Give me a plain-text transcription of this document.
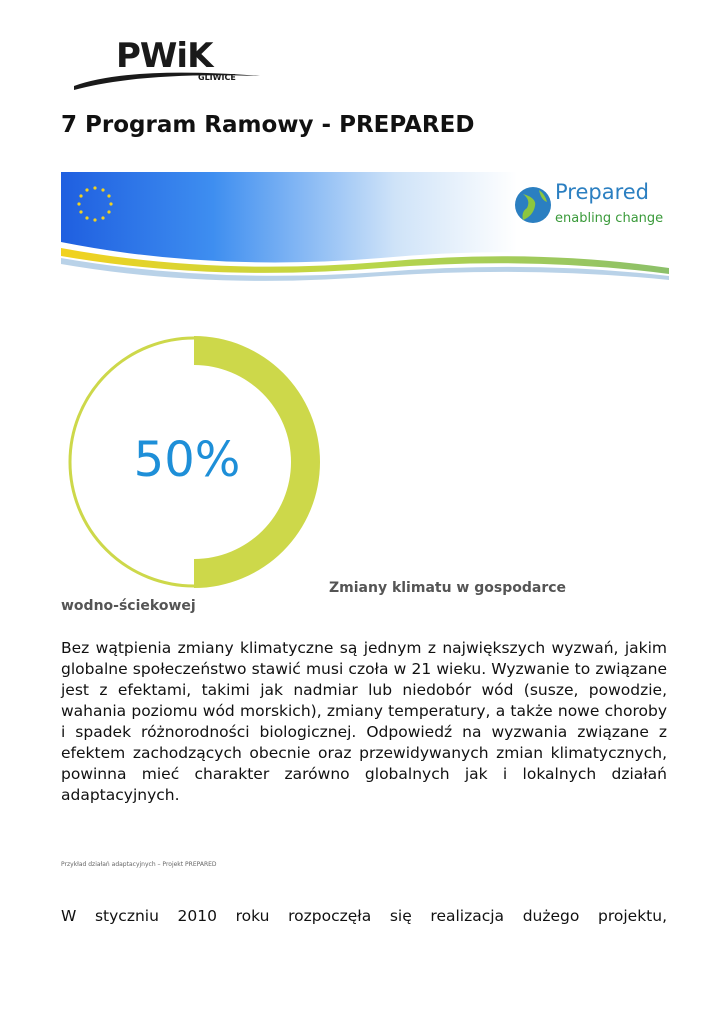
PWiK
GLIWICE
7 Program Ramowy - PREPARED
Prepared
enabling change
50%
Zmiany klimatu w gospodarce
wodno-ściekowej

Bez wątpienia zmiany klimatyczne są jednym z największych wyzwań, jakim globalne społeczeństwo stawić musi czoła w 21 wieku. Wyzwanie to związane jest z efektami, takimi jak nadmiar lub niedobór wód (susze, powodzie, wahania poziomu wód morskich), zmiany temperatury, a także nowe choroby i spadek różnorodności biologicznej. Odpowiedź na wyzwania związane z efektem zachodzących obecnie oraz przewidywanych zmian klimatycznych, powinna mieć charakter zarówno globalnych jak i lokalnych działań adaptacyjnych.

Przykład działań adaptacyjnych – Projekt PREPARED

W styczniu 2010 roku rozpoczęła się realizacja dużego projektu,
